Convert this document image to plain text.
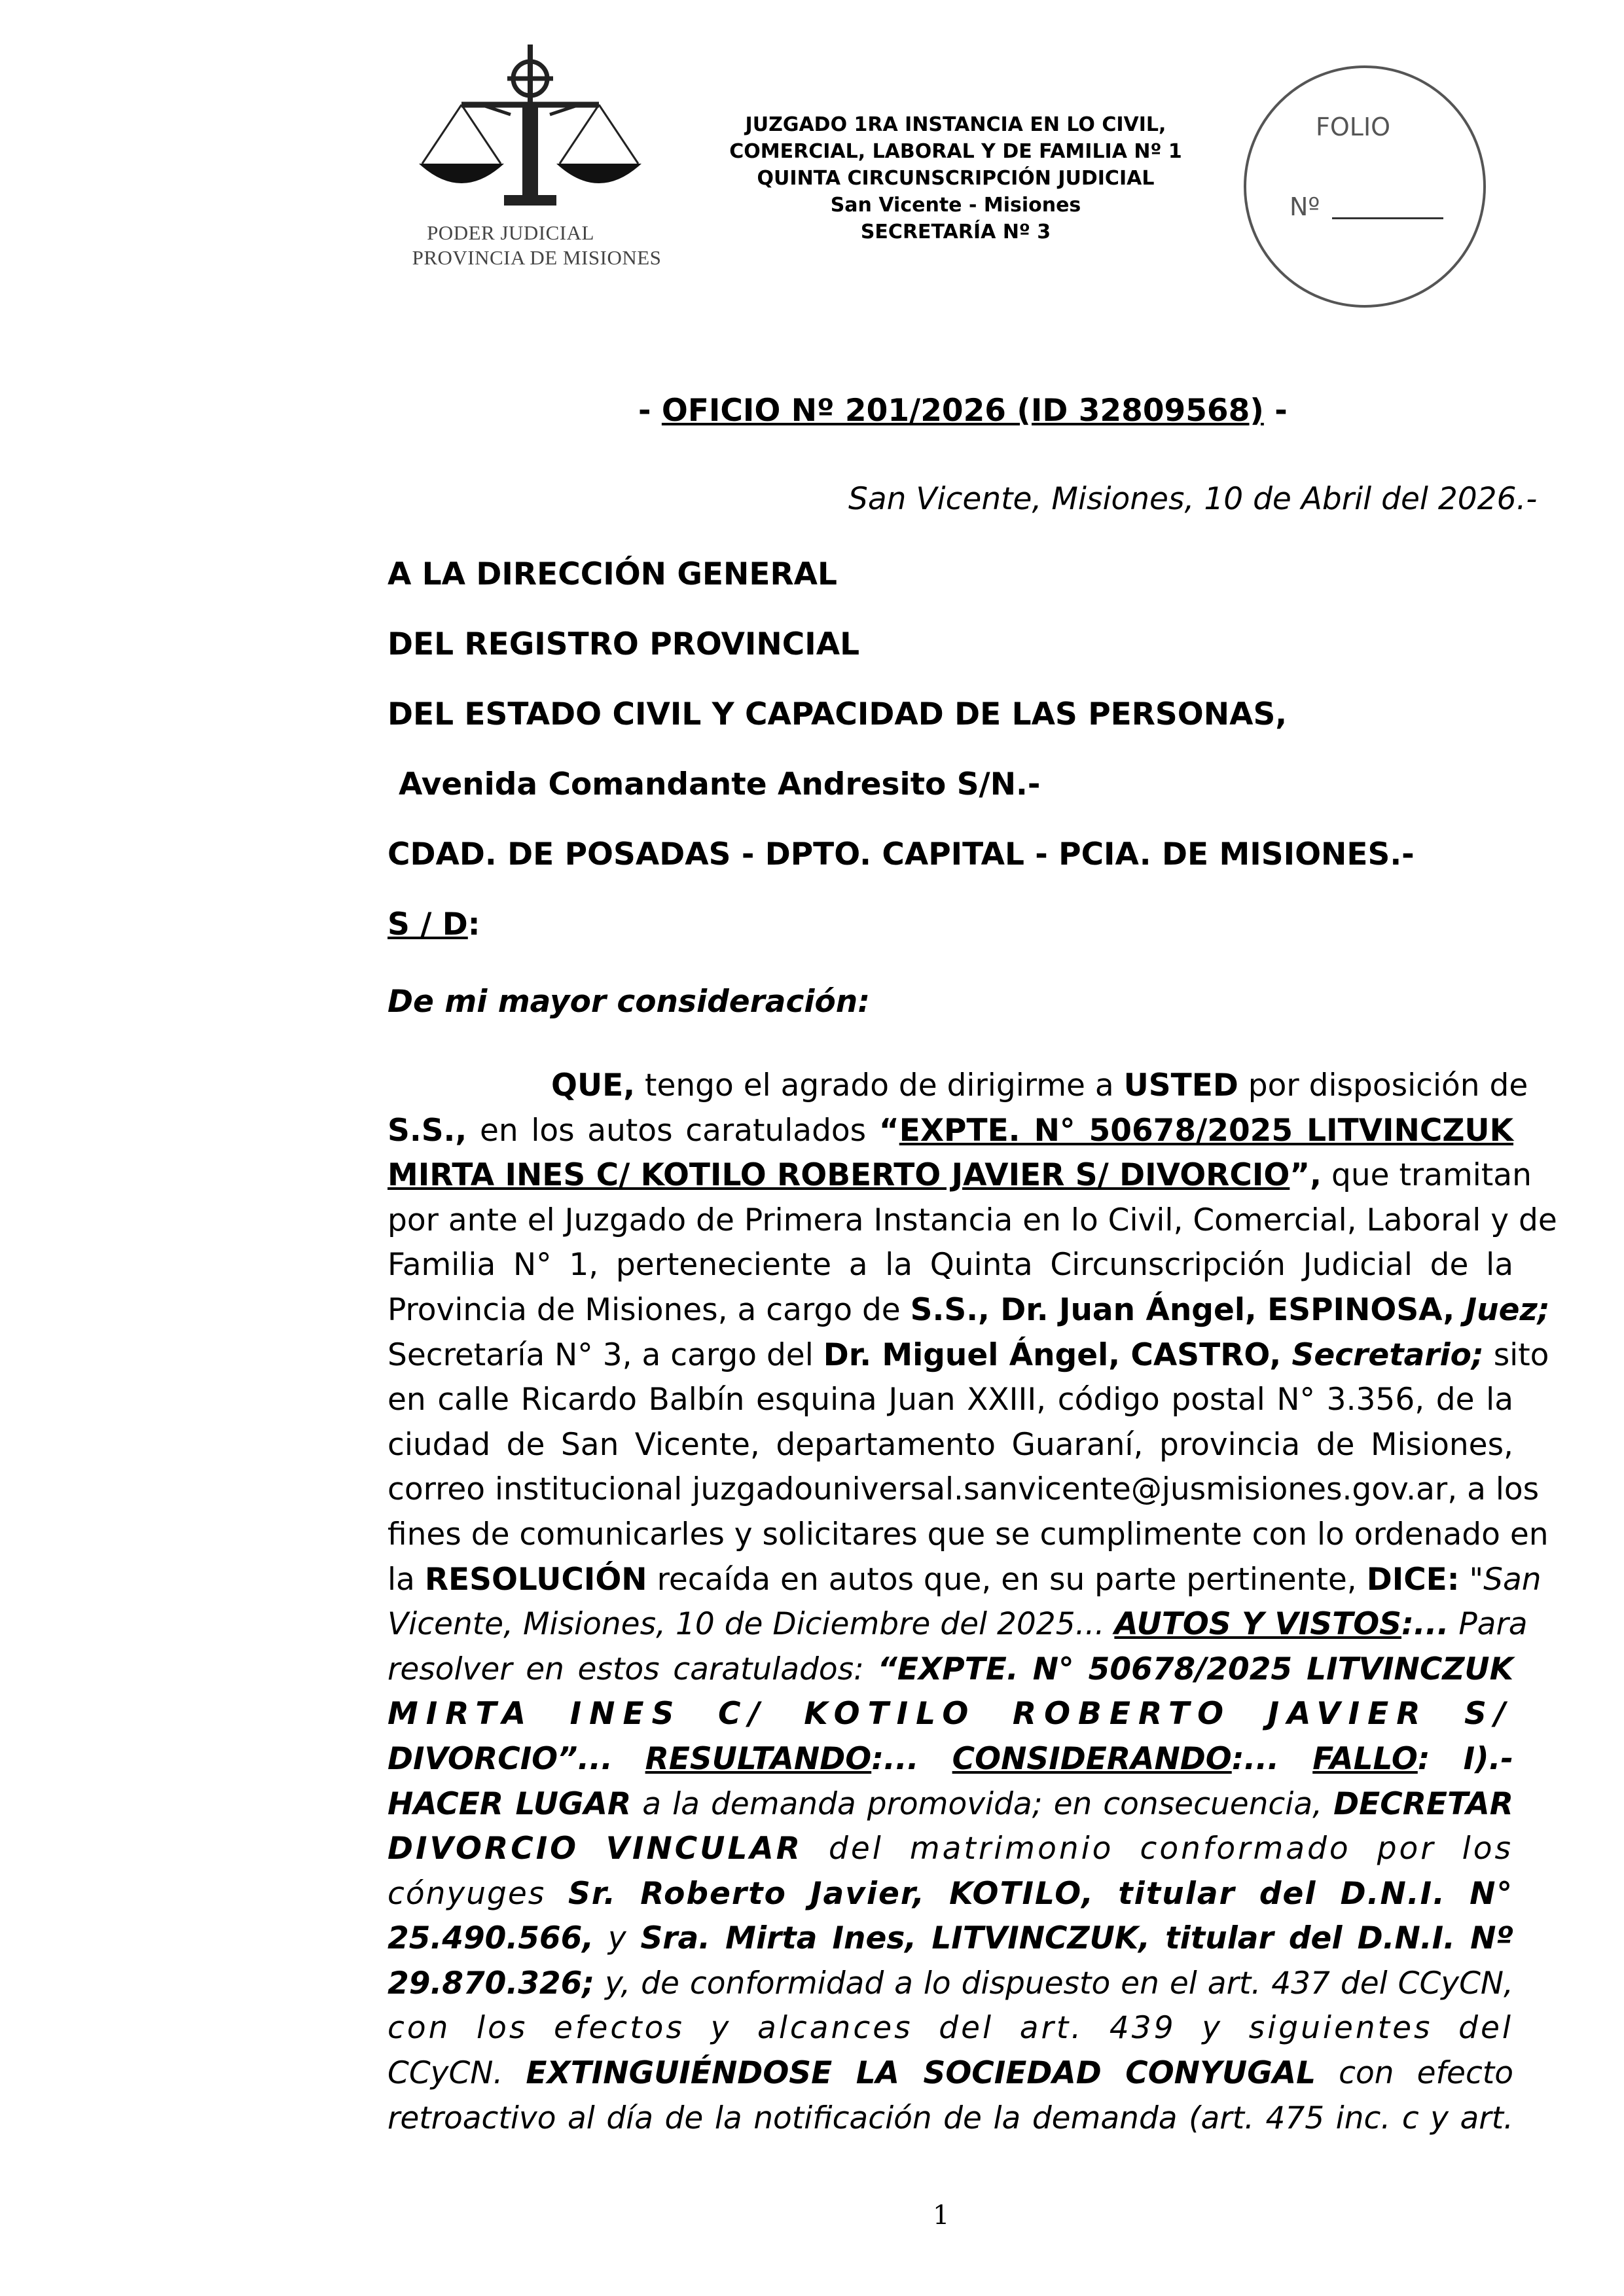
PODER JUDICIAL
PROVINCIA DE MISIONES
JUZGADO 1RA INSTANCIA EN LO CIVIL,
COMERCIAL, LABORAL Y DE FAMILIA Nº 1
QUINTA CIRCUNSCRIPCIÓN JUDICIAL
San Vicente - Misiones
SECRETARÍA Nº 3
FOLIO
Nº
- OFICIO Nº 201/2026 (ID 32809568) -
San Vicente, Misiones, 10 de Abril del 2026.-
A LA DIRECCIÓN GENERAL
DEL REGISTRO PROVINCIAL
DEL ESTADO CIVIL Y CAPACIDAD DE LAS PERSONAS,
Avenida Comandante Andresito S/N.-
CDAD. DE POSADAS - DPTO. CAPITAL - PCIA. DE MISIONES.-
S / D:
De mi mayor consideración:
QUE, tengo el agrado de dirigirme a USTED por disposición de
S.S., en los autos caratulados “EXPTE. N° 50678/2025 LITVINCZUK
MIRTA INES C/ KOTILO ROBERTO JAVIER S/ DIVORCIO”, que tramitan
por ante el Juzgado de Primera Instancia en lo Civil, Comercial, Laboral y de
Familia N° 1, perteneciente a la Quinta Circunscripción Judicial de la
Provincia de Misiones, a cargo de S.S., Dr. Juan Ángel, ESPINOSA, Juez;
Secretaría N° 3, a cargo del Dr. Miguel Ángel, CASTRO, Secretario; sito
en calle Ricardo Balbín esquina Juan XXIII, código postal N° 3.356, de la
ciudad de San Vicente, departamento Guaraní, provincia de Misiones,
correo institucional juzgadouniversal.sanvicente@jusmisiones.gov.ar, a los
fines de comunicarles y solicitares que se cumplimente con lo ordenado en
la RESOLUCIÓN recaída en autos que, en su parte pertinente, DICE: "San
Vicente, Misiones, 10 de Diciembre del 2025... AUTOS Y VISTOS:... Para
resolver en estos caratulados: “EXPTE. N° 50678/2025 LITVINCZUK
MIRTA INES C/ KOTILO ROBERTO JAVIER S/
DIVORCIO”... RESULTANDO:... CONSIDERANDO:... FALLO: I).-
HACER LUGAR a la demanda promovida; en consecuencia, DECRETAR
DIVORCIO VINCULAR del matrimonio conformado por los
cónyuges Sr. Roberto Javier, KOTILO, titular del D.N.I. N°
25.490.566, y Sra. Mirta Ines, LITVINCZUK, titular del D.N.I. Nº
29.870.326; y, de conformidad a lo dispuesto en el art. 437 del CCyCN,
con los efectos y alcances del art. 439 y siguientes del
CCyCN. EXTINGUIÉNDOSE LA SOCIEDAD CONYUGAL con efecto
retroactivo al día de la notificación de la demanda (art. 475 inc. c y art.
1
